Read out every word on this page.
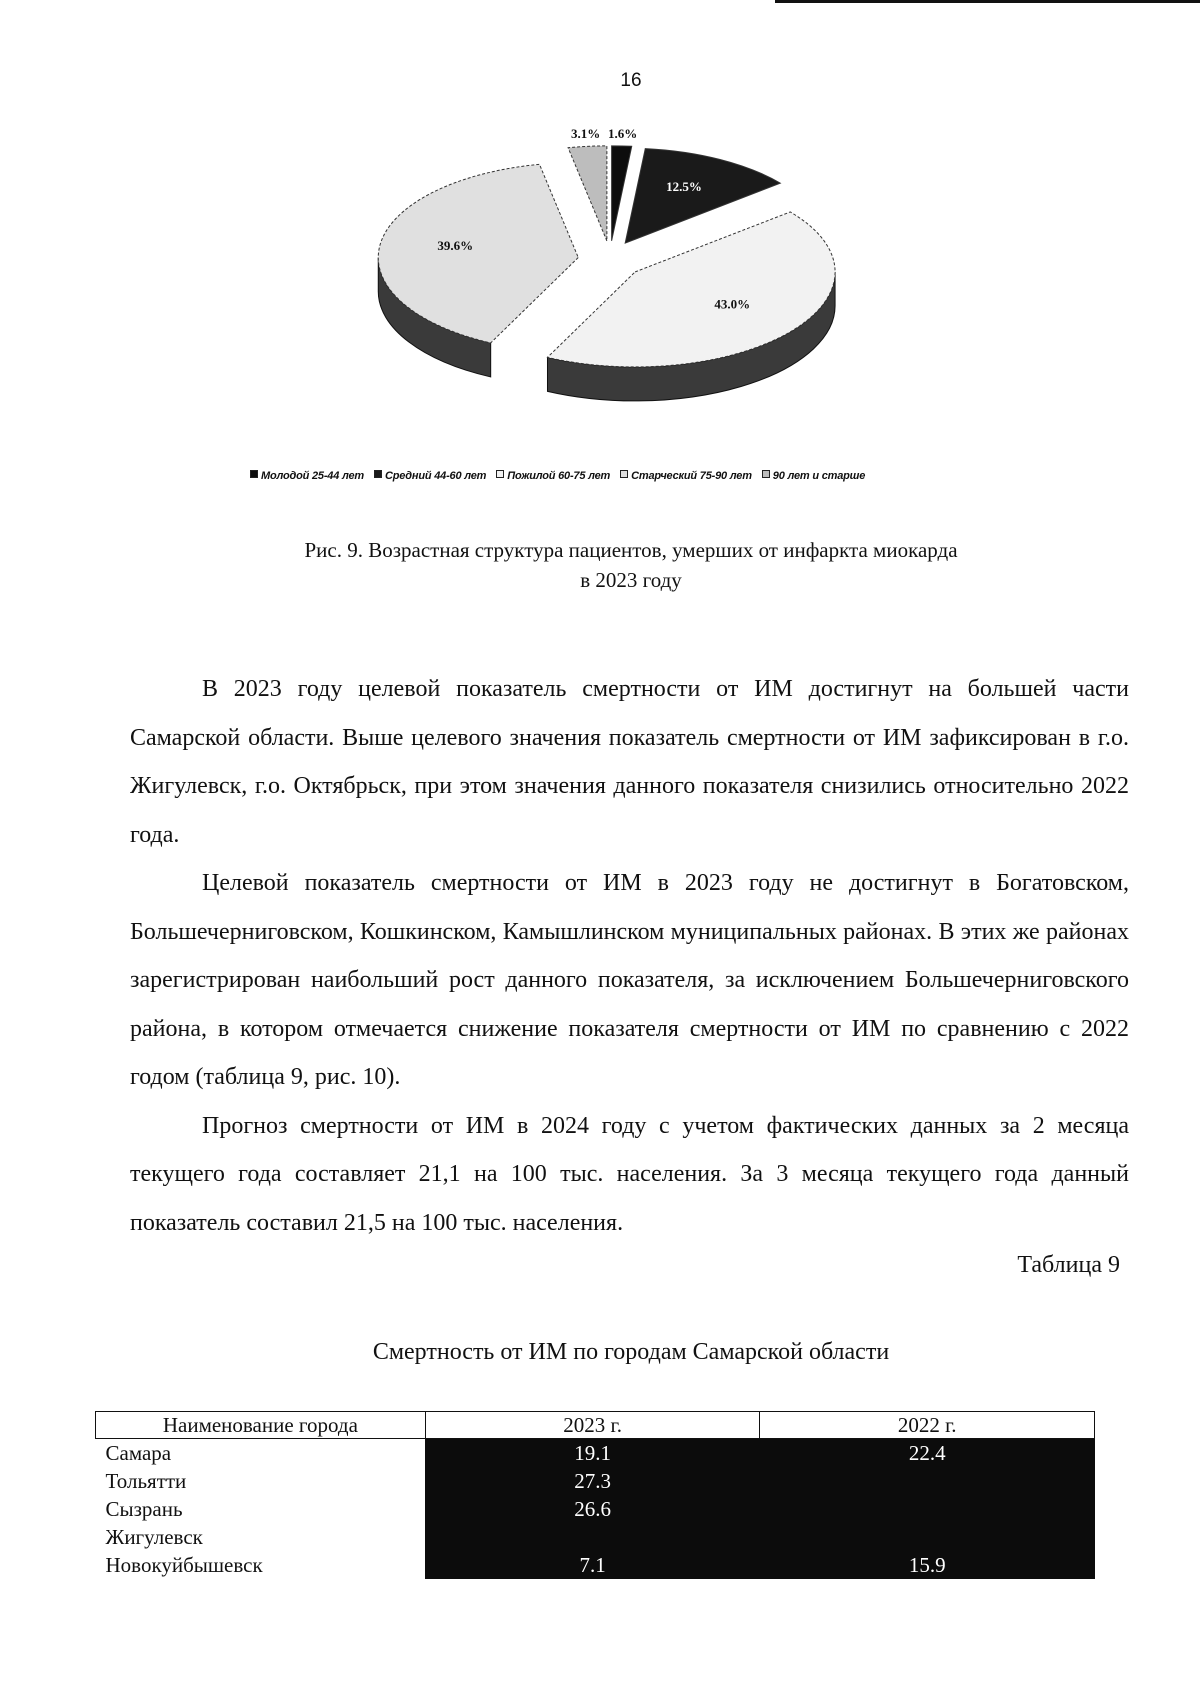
16
1.6%
12.5%
43.0%
39.6%
3.1%
Молодой 25-44 лет Средний 44-60 лет Пожилой 60-75 лет Старческий 75-90 лет 90 лет и старше
Рис. 9. Возрастная структура пациентов, умерших от инфаркта миокарда
в 2023 году

В 2023 году целевой показатель смертности от ИМ достигнут на большей части Самарской области. Выше целевого значения показатель смертности от ИМ зафиксирован в г.о. Жигулевск, г.о. Октябрьск, при этом значения данного показателя снизились относительно 2022 года.

Целевой показатель смертности от ИМ в 2023 году не достигнут в Богатовском, Большечерниговском, Кошкинском, Камышлинском муниципальных районах. В этих же районах зарегистрирован наибольший рост данного показателя, за исключением Большечерниговского района, в котором отмечается снижение показателя смертности от ИМ по сравнению с 2022 годом (таблица 9, рис. 10).

Прогноз смертности от ИМ в 2024 году с учетом фактических данных за 2 месяца текущего года составляет 21,1 на 100 тыс. населения. За 3 месяца текущего года данный показатель составил 21,5 на 100 тыс. населения.

Таблица 9
Смертность от ИМ по городам Самарской области
Наименование города	2023 г.	2022 г.
Самара	19.1	22.4
Тольятти	27.3	
Сызрань	26.6	
Жигулевск		
Новокуйбышевск	7.1	15.9
